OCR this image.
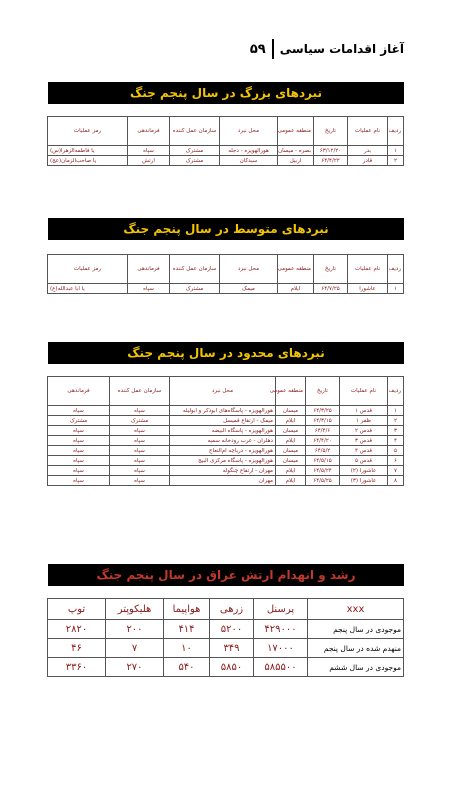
آغاز اقدامات سیاسی
۵۹
نبردهای بزرگ در سال پنجم جنگ
ردیف	نام عملیات	تاریخ	منطقه عمومی	محل نبرد	سازمان عمل کننده	فرماندهی	رمز عملیات
۱	بدر	۶۳/۱۲/۲۰	بصره - میسان	هورالهویزه - دجله	مشترک	سپاه	یا فاطمه‌الزهرا(س)
۲	قادر	۶۴/۴/۲۲	اربیل	سیدکان	مشترک	ارتش	یا صاحب‌الزمان(عج)
نبردهای متوسط در سال پنجم جنگ
ردیف	نام عملیات	تاریخ	منطقه عمومی	محل نبرد	سازمان عمل کننده	فرماندهی	رمز عملیات
۱	عاشورا	۶۴/۷/۲۵	ایلام	میمک	مشترک	سپاه	یا ابا عبدالله(ع)
نبردهای محدود در سال پنجم جنگ
ردیف	نام عملیات	تاریخ	منطقه عمومی	محل نبرد	سازمان عمل کننده	فرماندهی
۱	قدس ۱	۶۴/۳/۲۵	میسان	هورالهویزه - پاسگاه‌های ابوذکر و ابولیله	سپاه	سپاه
۲	ظفر ۱	۶۴/۳/۱۵	ایلام	میمک - ارتفاع قمیسل	مشترک	مشترک
۳	قدس ۲	۶۴/۴/۶	میسان	هورالهویزه - پاسگاه البیضه	سپاه	سپاه
۴	قدس ۳	۶۴/۴/۲۰	ایلام	دهلران - غرب رودخانه سمیه	سپاه	سپاه
۵	قدس ۴	۶۴/۵/۲	میسان	هورالهویزه - دریاچه ام‌النعاج	سپاه	سپاه
۶	قدس ۵	۶۴/۵/۱۵	میسان	هورالهویزه - پاسگاه مرکزی البیج	سپاه	سپاه
۷	عاشورا (۲)	۶۴/۵/۲۴	ایلام	مهران - ارتفاع چنگوله	سپاه	سپاه
۸	عاشورا (۳)	۶۴/۵/۲۵	ایلام	مهران	سپاه	سپاه
رشد و انهدام ارتش عراق در سال پنجم جنگ
xxx	پرسنل	زرهی	هواپیما	هلیکوپتر	توپ
موجودی در سال پنجم	۴۲۹۰۰۰	۵۲۰۰	۴۱۴	۲۰۰	۲۸۲۰
منهدم شده در سال پنجم	۱۷۰۰۰	۳۴۹	۱۰	۷	۴۶
موجودی در سال ششم	۵۸۵۵۰۰	۵۸۵۰	۵۴۰	۲۷۰	۳۳۶۰
